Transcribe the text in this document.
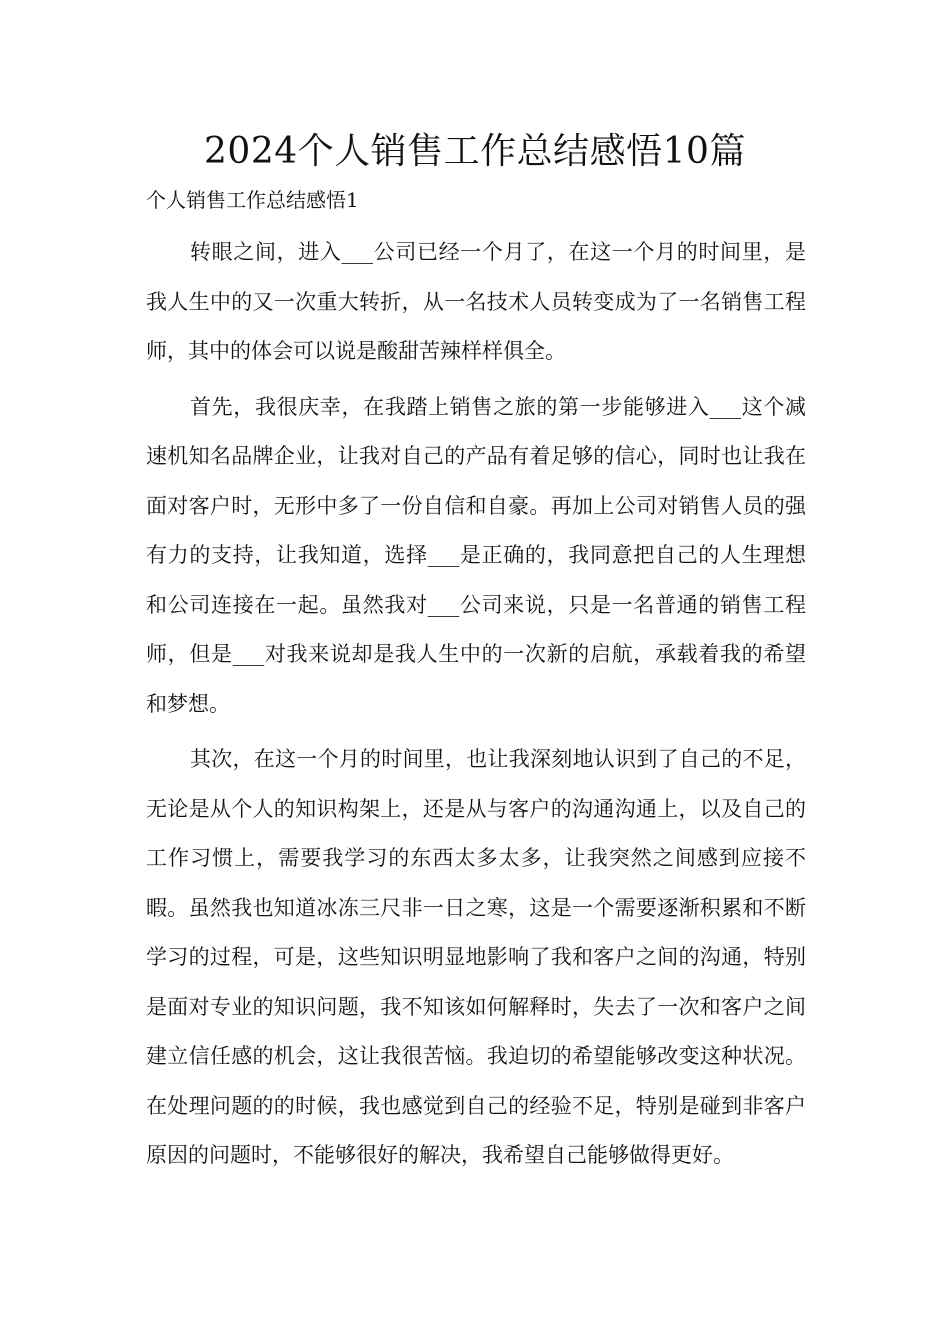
2024个人销售工作总结感悟10篇
个人销售工作总结感悟1

转眼之间，进入___公司已经一个月了，在这一个月的时间里，是我人生中的又一次重大转折，从一名技术人员转变成为了一名销售工程师，其中的体会可以说是酸甜苦辣样样俱全。

首先，我很庆幸，在我踏上销售之旅的第一步能够进入___这个减速机知名品牌企业，让我对自己的产品有着足够的信心，同时也让我在面对客户时，无形中多了一份自信和自豪。再加上公司对销售人员的强有力的支持，让我知道，选择___是正确的，我同意把自己的人生理想和公司连接在一起。虽然我对___公司来说，只是一名普通的销售工程师，但是___对我来说却是我人生中的一次新的启航，承载着我的希望和梦想。

其次，在这一个月的时间里，也让我深刻地认识到了自己的不足，无论是从个人的知识构架上，还是从与客户的沟通沟通上，以及自己的工作习惯上，需要我学习的东西太多太多，让我突然之间感到应接不暇。虽然我也知道冰冻三尺非一日之寒，这是一个需要逐渐积累和不断学习的过程，可是，这些知识明显地影响了我和客户之间的沟通，特别是面对专业的知识问题，我不知该如何解释时，失去了一次和客户之间建立信任感的机会，这让我很苦恼。我迫切的希望能够改变这种状况。在处理问题的的时候，我也感觉到自己的经验不足，特别是碰到非客户原因的问题时，不能够很好的解决，我希望自己能够做得更好。
